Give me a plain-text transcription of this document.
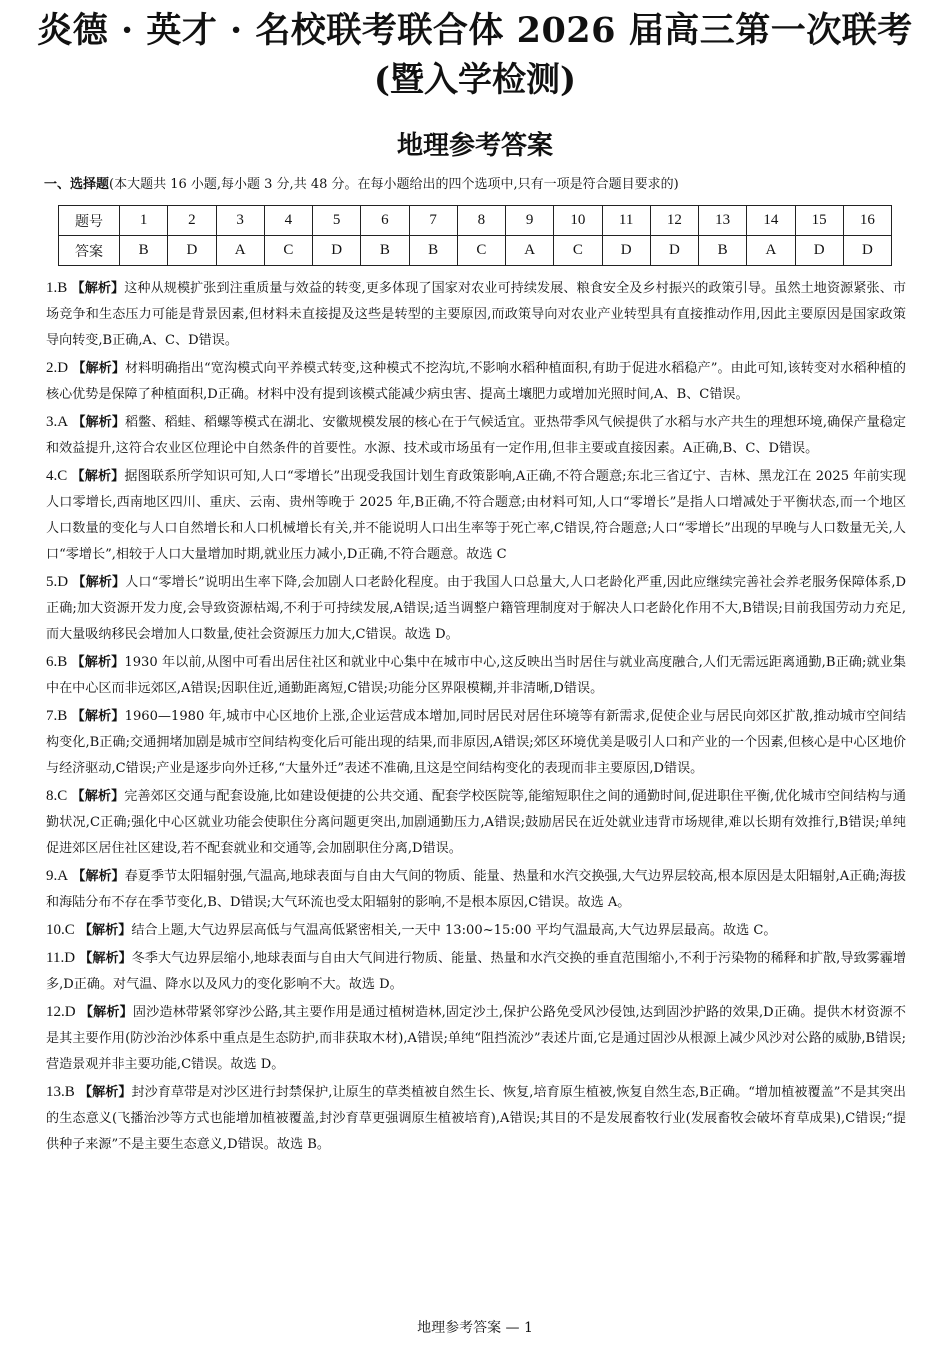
炎德 · 英才 · 名校联考联合体 2026 届高三第一次联考
(暨入学检测)
地理参考答案
一、选择题(本大题共 16 小题,每小题 3 分,共 48 分。在每小题给出的四个选项中,只有一项是符合题目要求的)
题号	1	2	3	4	5	6	7	8	9	10	11	12	13	14	15	16
答案	B	D	A	C	D	B	B	C	A	C	D	D	B	A	D	D

1.B 【解析】这种从规模扩张到注重质量与效益的转变,更多体现了国家对农业可持续发展、粮食安全及乡村振兴的政策引导。虽然土地资源紧张、市场竞争和生态压力可能是背景因素,但材料未直接提及这些是转型的主要原因,而政策导向对农业产业转型具有直接推动作用,因此主要原因是国家政策导向转变,B正确,A、C、D错误。

2.D 【解析】材料明确指出“宽沟模式向平养模式转变,这种模式不挖沟坑,不影响水稻种植面积,有助于促进水稻稳产”。由此可知,该转变对水稻种植的核心优势是保障了种植面积,D正确。材料中没有提到该模式能减少病虫害、提高土壤肥力或增加光照时间,A、B、C错误。

3.A 【解析】稻鳖、稻蛙、稻螺等模式在湖北、安徽规模发展的核心在于气候适宜。亚热带季风气候提供了水稻与水产共生的理想环境,确保产量稳定和效益提升,这符合农业区位理论中自然条件的首要性。水源、技术或市场虽有一定作用,但非主要或直接因素。A正确,B、C、D错误。

4.C 【解析】据图联系所学知识可知,人口“零增长”出现受我国计划生育政策影响,A正确,不符合题意;东北三省辽宁、吉林、黑龙江在 2025 年前实现人口零增长,西南地区四川、重庆、云南、贵州等晚于 2025 年,B正确,不符合题意;由材料可知,人口“零增长”是指人口增减处于平衡状态,而一个地区人口数量的变化与人口自然增长和人口机械增长有关,并不能说明人口出生率等于死亡率,C错误,符合题意;人口“零增长”出现的早晚与人口数量无关,人口“零增长”,相较于人口大量增加时期,就业压力减小,D正确,不符合题意。故选 C

5.D 【解析】人口“零增长”说明出生率下降,会加剧人口老龄化程度。由于我国人口总量大,人口老龄化严重,因此应继续完善社会养老服务保障体系,D正确;加大资源开发力度,会导致资源枯竭,不利于可持续发展,A错误;适当调整户籍管理制度对于解决人口老龄化作用不大,B错误;目前我国劳动力充足,而大量吸纳移民会增加人口数量,使社会资源压力加大,C错误。故选 D。

6.B 【解析】1930 年以前,从图中可看出居住社区和就业中心集中在城市中心,这反映出当时居住与就业高度融合,人们无需远距离通勤,B正确;就业集中在中心区而非远郊区,A错误;因职住近,通勤距离短,C错误;功能分区界限模糊,并非清晰,D错误。

7.B 【解析】1960—1980 年,城市中心区地价上涨,企业运营成本增加,同时居民对居住环境等有新需求,促使企业与居民向郊区扩散,推动城市空间结构变化,B正确;交通拥堵加剧是城市空间结构变化后可能出现的结果,而非原因,A错误;郊区环境优美是吸引人口和产业的一个因素,但核心是中心区地价与经济驱动,C错误;产业是逐步向外迁移,“大量外迁”表述不准确,且这是空间结构变化的表现而非主要原因,D错误。

8.C 【解析】完善郊区交通与配套设施,比如建设便捷的公共交通、配套学校医院等,能缩短职住之间的通勤时间,促进职住平衡,优化城市空间结构与通勤状况,C正确;强化中心区就业功能会使职住分离问题更突出,加剧通勤压力,A错误;鼓励居民在近处就业违背市场规律,难以长期有效推行,B错误;单纯促进郊区居住社区建设,若不配套就业和交通等,会加剧职住分离,D错误。

9.A 【解析】春夏季节太阳辐射强,气温高,地球表面与自由大气间的物质、能量、热量和水汽交换强,大气边界层较高,根本原因是太阳辐射,A正确;海拔和海陆分布不存在季节变化,B、D错误;大气环流也受太阳辐射的影响,不是根本原因,C错误。故选 A。

10.C 【解析】结合上题,大气边界层高低与气温高低紧密相关,一天中 13:00~15:00 平均气温最高,大气边界层最高。故选 C。

11.D 【解析】冬季大气边界层缩小,地球表面与自由大气间进行物质、能量、热量和水汽交换的垂直范围缩小,不利于污染物的稀释和扩散,导致雾霾增多,D正确。对气温、降水以及风力的变化影响不大。故选 D。

12.D 【解析】固沙造林带紧邻穿沙公路,其主要作用是通过植树造林,固定沙土,保护公路免受风沙侵蚀,达到固沙护路的效果,D正确。提供木材资源不是其主要作用(防沙治沙体系中重点是生态防护,而非获取木材),A错误;单纯“阻挡流沙”表述片面,它是通过固沙从根源上减少风沙对公路的威胁,B错误;营造景观并非主要功能,C错误。故选 D。

13.B 【解析】封沙育草带是对沙区进行封禁保护,让原生的草类植被自然生长、恢复,培育原生植被,恢复自然生态,B正确。“增加植被覆盖”不是其突出的生态意义(飞播治沙等方式也能增加植被覆盖,封沙育草更强调原生植被培育),A错误;其目的不是发展畜牧行业(发展畜牧会破坏育草成果),C错误;“提供种子来源”不是主要生态意义,D错误。故选 B。

地理参考答案 — 1
